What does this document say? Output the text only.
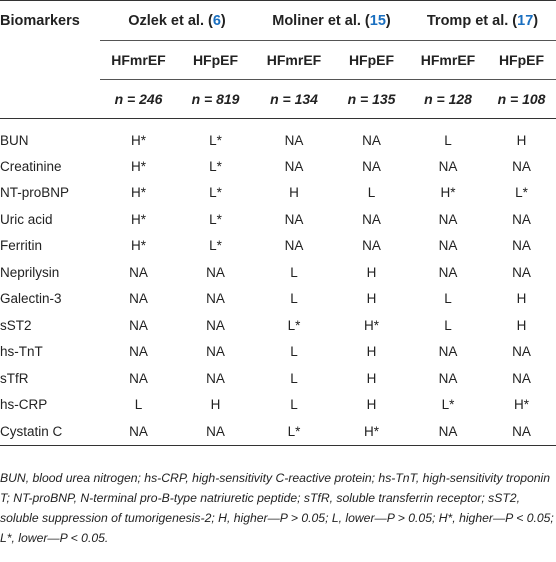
Biomarkers	Ozlek et al. (6)		Moliner et al. (15)		Tromp et al. (17)	
	HFmrEF	HFpEF	HFmrEF	HFpEF	HFmrEF	HFpEF
	n = 246	n = 819	n = 134	n = 135	n = 128	n = 108
BUN	H*	L*	NA	NA	L	H
Creatinine	H*	L*	NA	NA	NA	NA
NT-proBNP	H*	L*	H	L	H*	L*
Uric acid	H*	L*	NA	NA	NA	NA
Ferritin	H*	L*	NA	NA	NA	NA
Neprilysin	NA	NA	L	H	NA	NA
Galectin-3	NA	NA	L	H	L	H
sST2	NA	NA	L*	H*	L	H
hs-TnT	NA	NA	L	H	NA	NA
sTfR	NA	NA	L	H	NA	NA
hs-CRP	L	H	L	H	L*	H*
Cystatin C	NA	NA	L*	H*	NA	NA
BUN, blood urea nitrogen; hs-CRP, high-sensitivity C-reactive protein; hs-TnT, high-sensitivity troponin T; NT-proBNP, N-terminal pro-B-type natriuretic peptide; sTfR, soluble transferrin receptor; sST2, soluble suppression of tumorigenesis-2; H, higher—P > 0.05; L, lower—P > 0.05; H*, higher—P < 0.05; L*, lower—P < 0.05.
